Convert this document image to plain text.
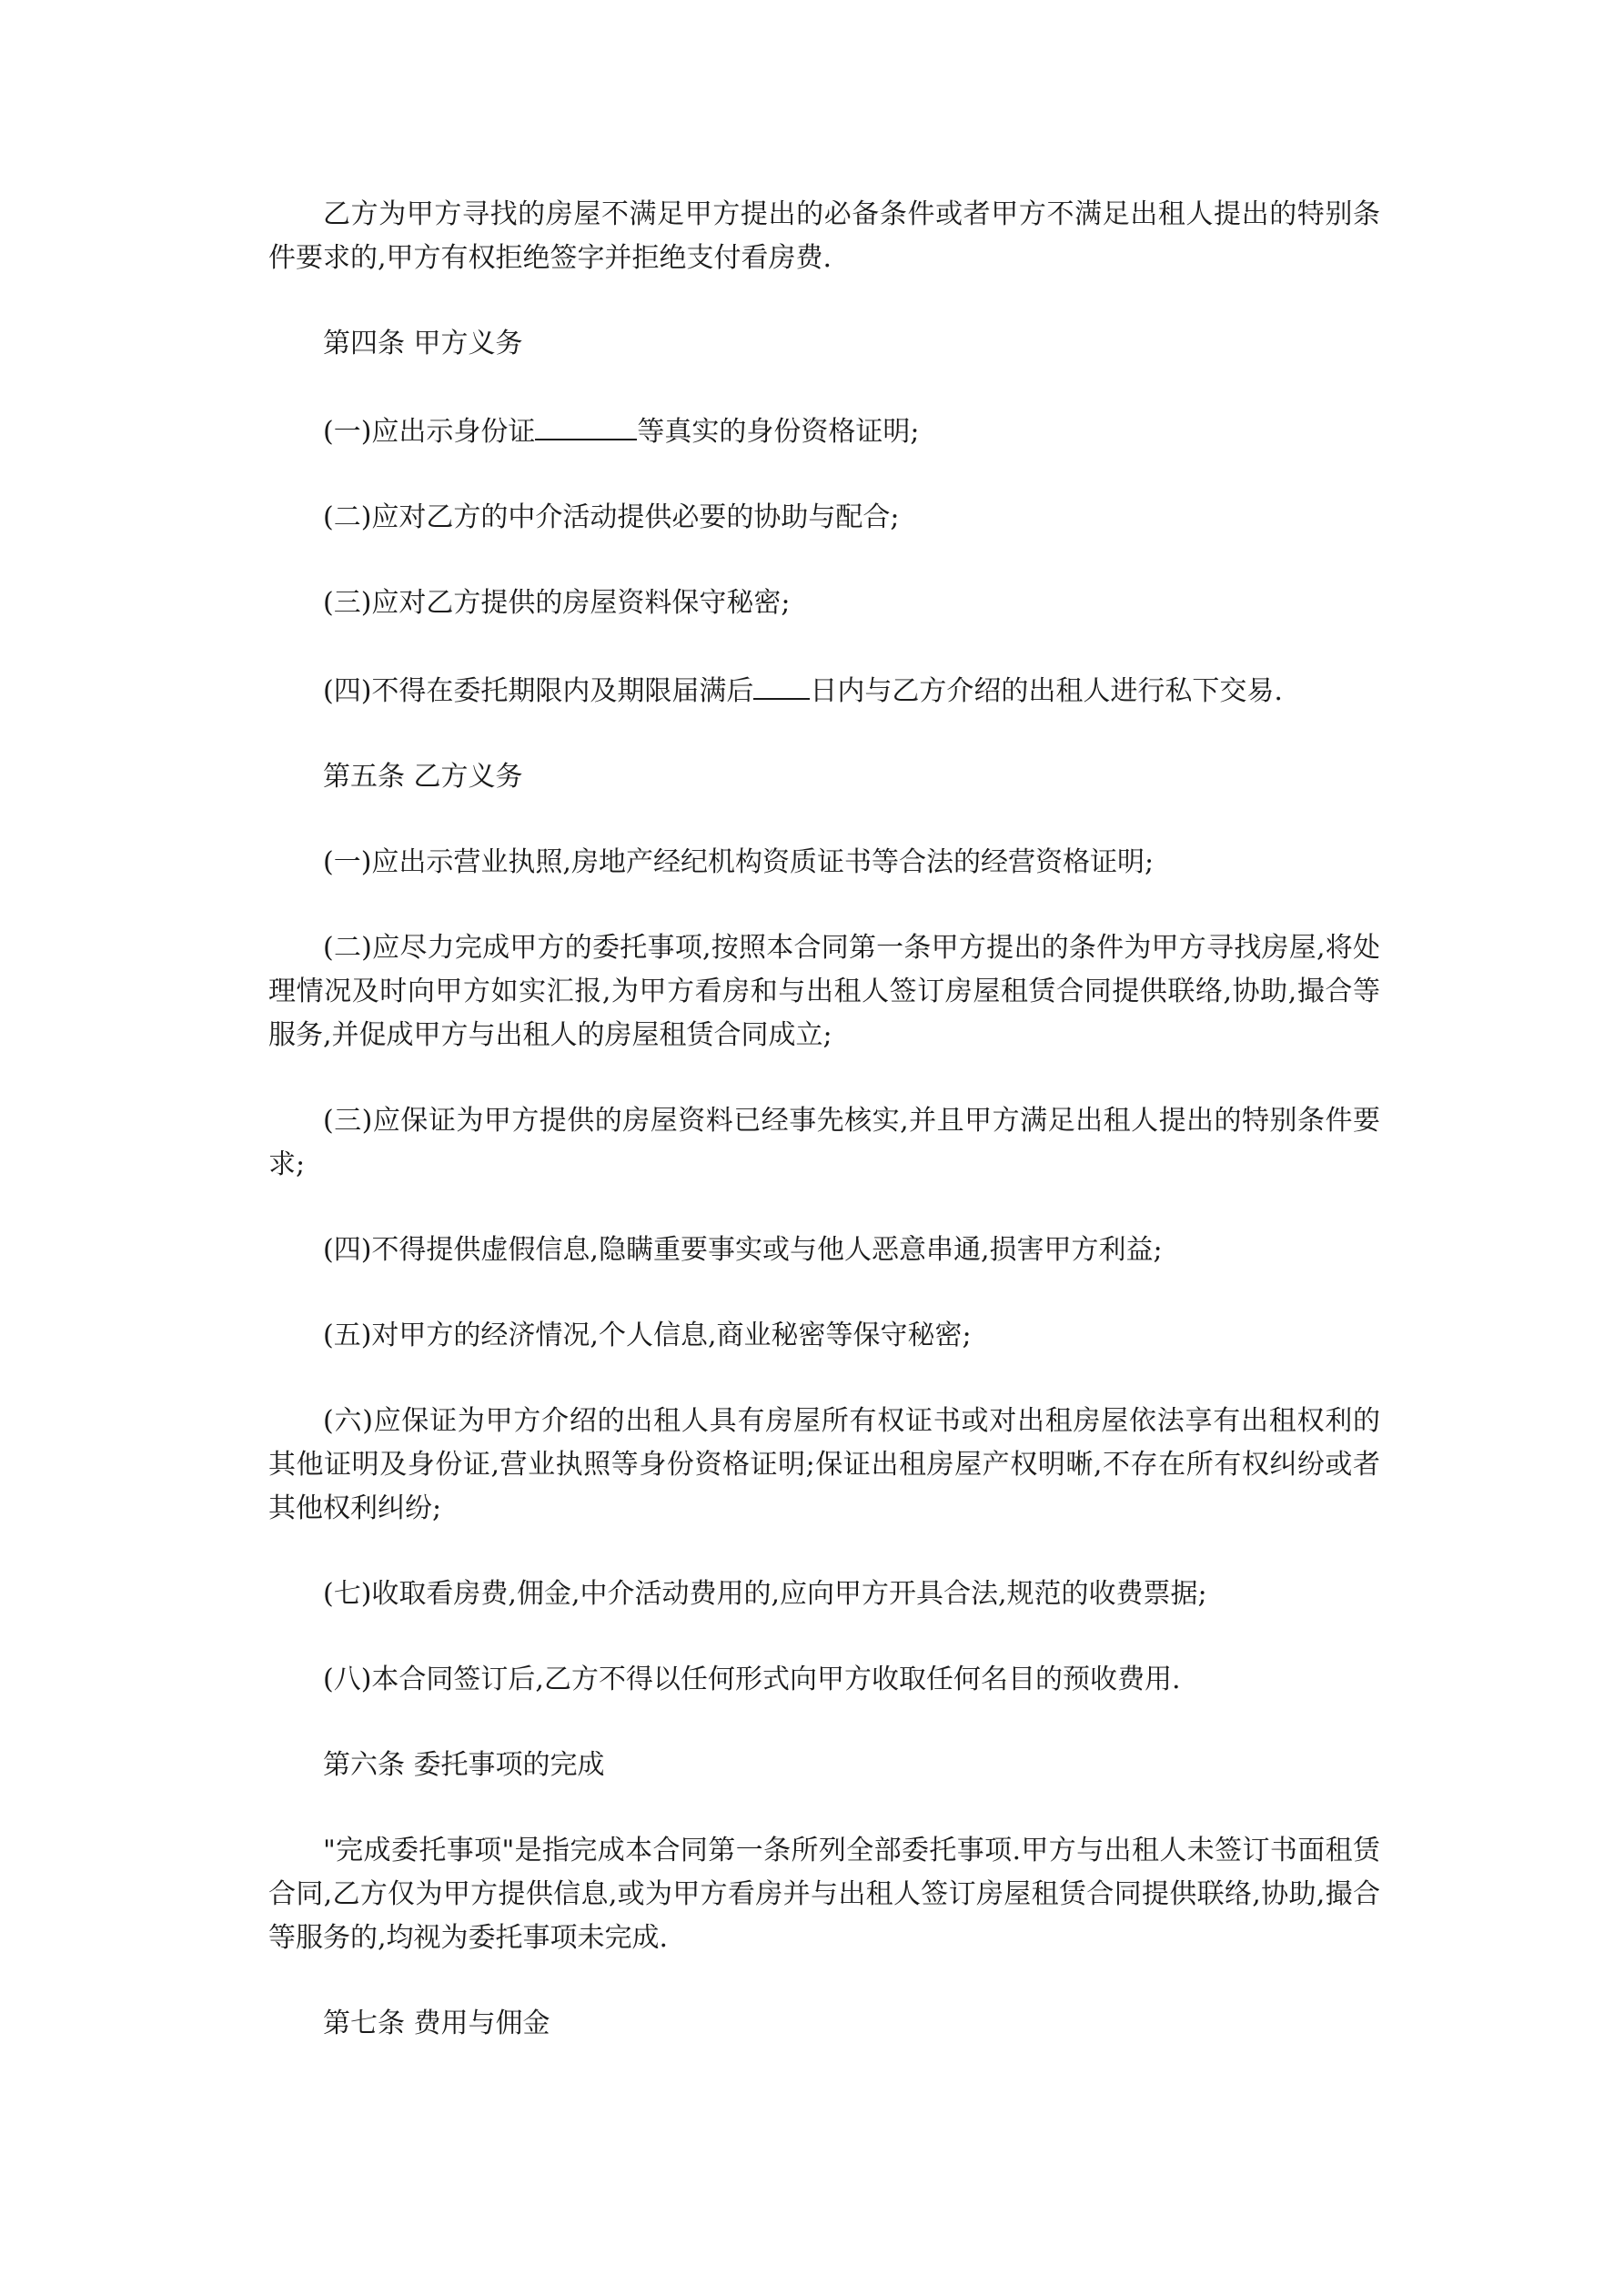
乙方为甲方寻找的房屋不满足甲方提出的必备条件或者甲方不满足出租人提出的特别条件要求的,甲方有权拒绝签字并拒绝支付看房费.

第四条 甲方义务

(一)应出示身份证	等真实的身份资格证明;

(二)应对乙方的中介活动提供必要的协助与配合;

(三)应对乙方提供的房屋资料保守秘密;

(四)不得在委托期限内及期限届满后 日内与乙方介绍的出租人进行私下交易.

第五条 乙方义务

(一)应出示营业执照,房地产经纪机构资质证书等合法的经营资格证明;

(二)应尽力完成甲方的委托事项,按照本合同第一条甲方提出的条件为甲方寻找房屋,将处理情况及时向甲方如实汇报,为甲方看房和与出租人签订房屋租赁合同提供联络,协助,撮合等服务,并促成甲方与出租人的房屋租赁合同成立;

(三)应保证为甲方提供的房屋资料已经事先核实,并且甲方满足出租人提出的特别条件要求;

(四)不得提供虚假信息,隐瞒重要事实或与他人恶意串通,损害甲方利益;

(五)对甲方的经济情况,个人信息,商业秘密等保守秘密;

(六)应保证为甲方介绍的出租人具有房屋所有权证书或对出租房屋依法享有出租权利的其他证明及身份证,营业执照等身份资格证明;保证出租房屋产权明晰,不存在所有权纠纷或者其他权利纠纷;

(七)收取看房费,佣金,中介活动费用的,应向甲方开具合法,规范的收费票据;

(八)本合同签订后,乙方不得以任何形式向甲方收取任何名目的预收费用.

第六条 委托事项的完成

"完成委托事项"是指完成本合同第一条所列全部委托事项.甲方与出租人未签订书面租赁合同,乙方仅为甲方提供信息,或为甲方看房并与出租人签订房屋租赁合同提供联络,协助,撮合等服务的,均视为委托事项未完成.

第七条 费用与佣金
